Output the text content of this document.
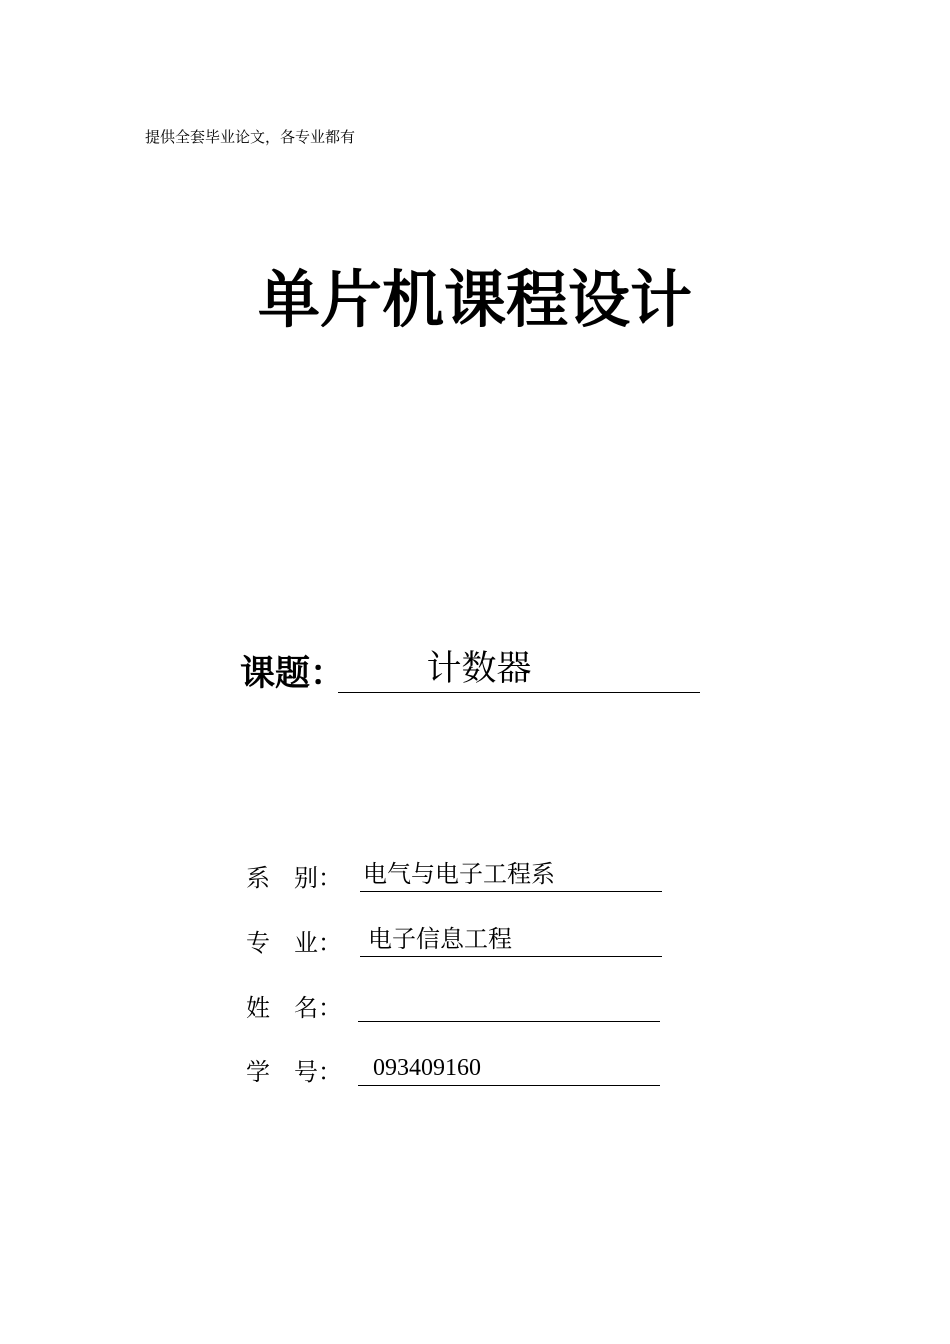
提供全套毕业论文，各专业都有
单片机课程设计
课题：	计数器
系　别： 电气与电子工程系
专　业：	电子信息工程
姓　名：
学　号：	093409160
